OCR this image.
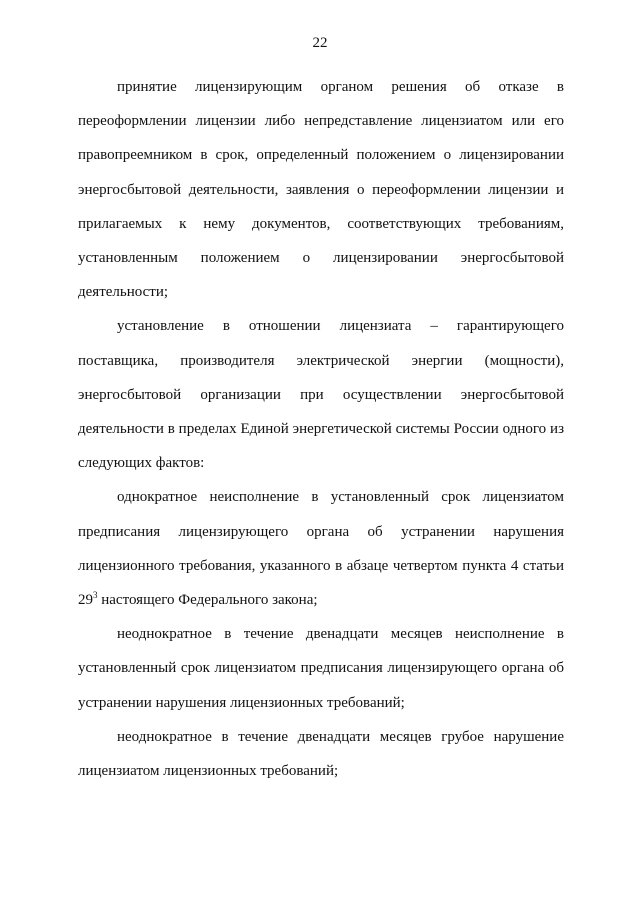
22

принятие лицензирующим органом решения об отказе в переоформлении лицензии либо непредставление лицензиатом или его правопреемником в срок, определенный положением о лицензировании энергосбытовой деятельности, заявления о переоформлении лицензии и прилагаемых к нему документов, соответствующих требованиям, установленным положением о лицензировании энергосбытовой деятельности;

установление в отношении лицензиата – гарантирующего поставщика, производителя электрической энергии (мощности), энергосбытовой организации при осуществлении энергосбытовой деятельности в пределах Единой энергетической системы России одного из следующих фактов:

однократное неисполнение в установленный срок лицензиатом предписания лицензирующего органа об устранении нарушения лицензионного требования, указанного в абзаце четвертом пункта 4 статьи $29^3$ настоящего Федерального закона;

неоднократное в течение двенадцати месяцев неисполнение в установленный срок лицензиатом предписания лицензирующего органа об устранении нарушения лицензионных требований;

неоднократное в течение двенадцати месяцев грубое нарушение лицензиатом лицензионных требований;
